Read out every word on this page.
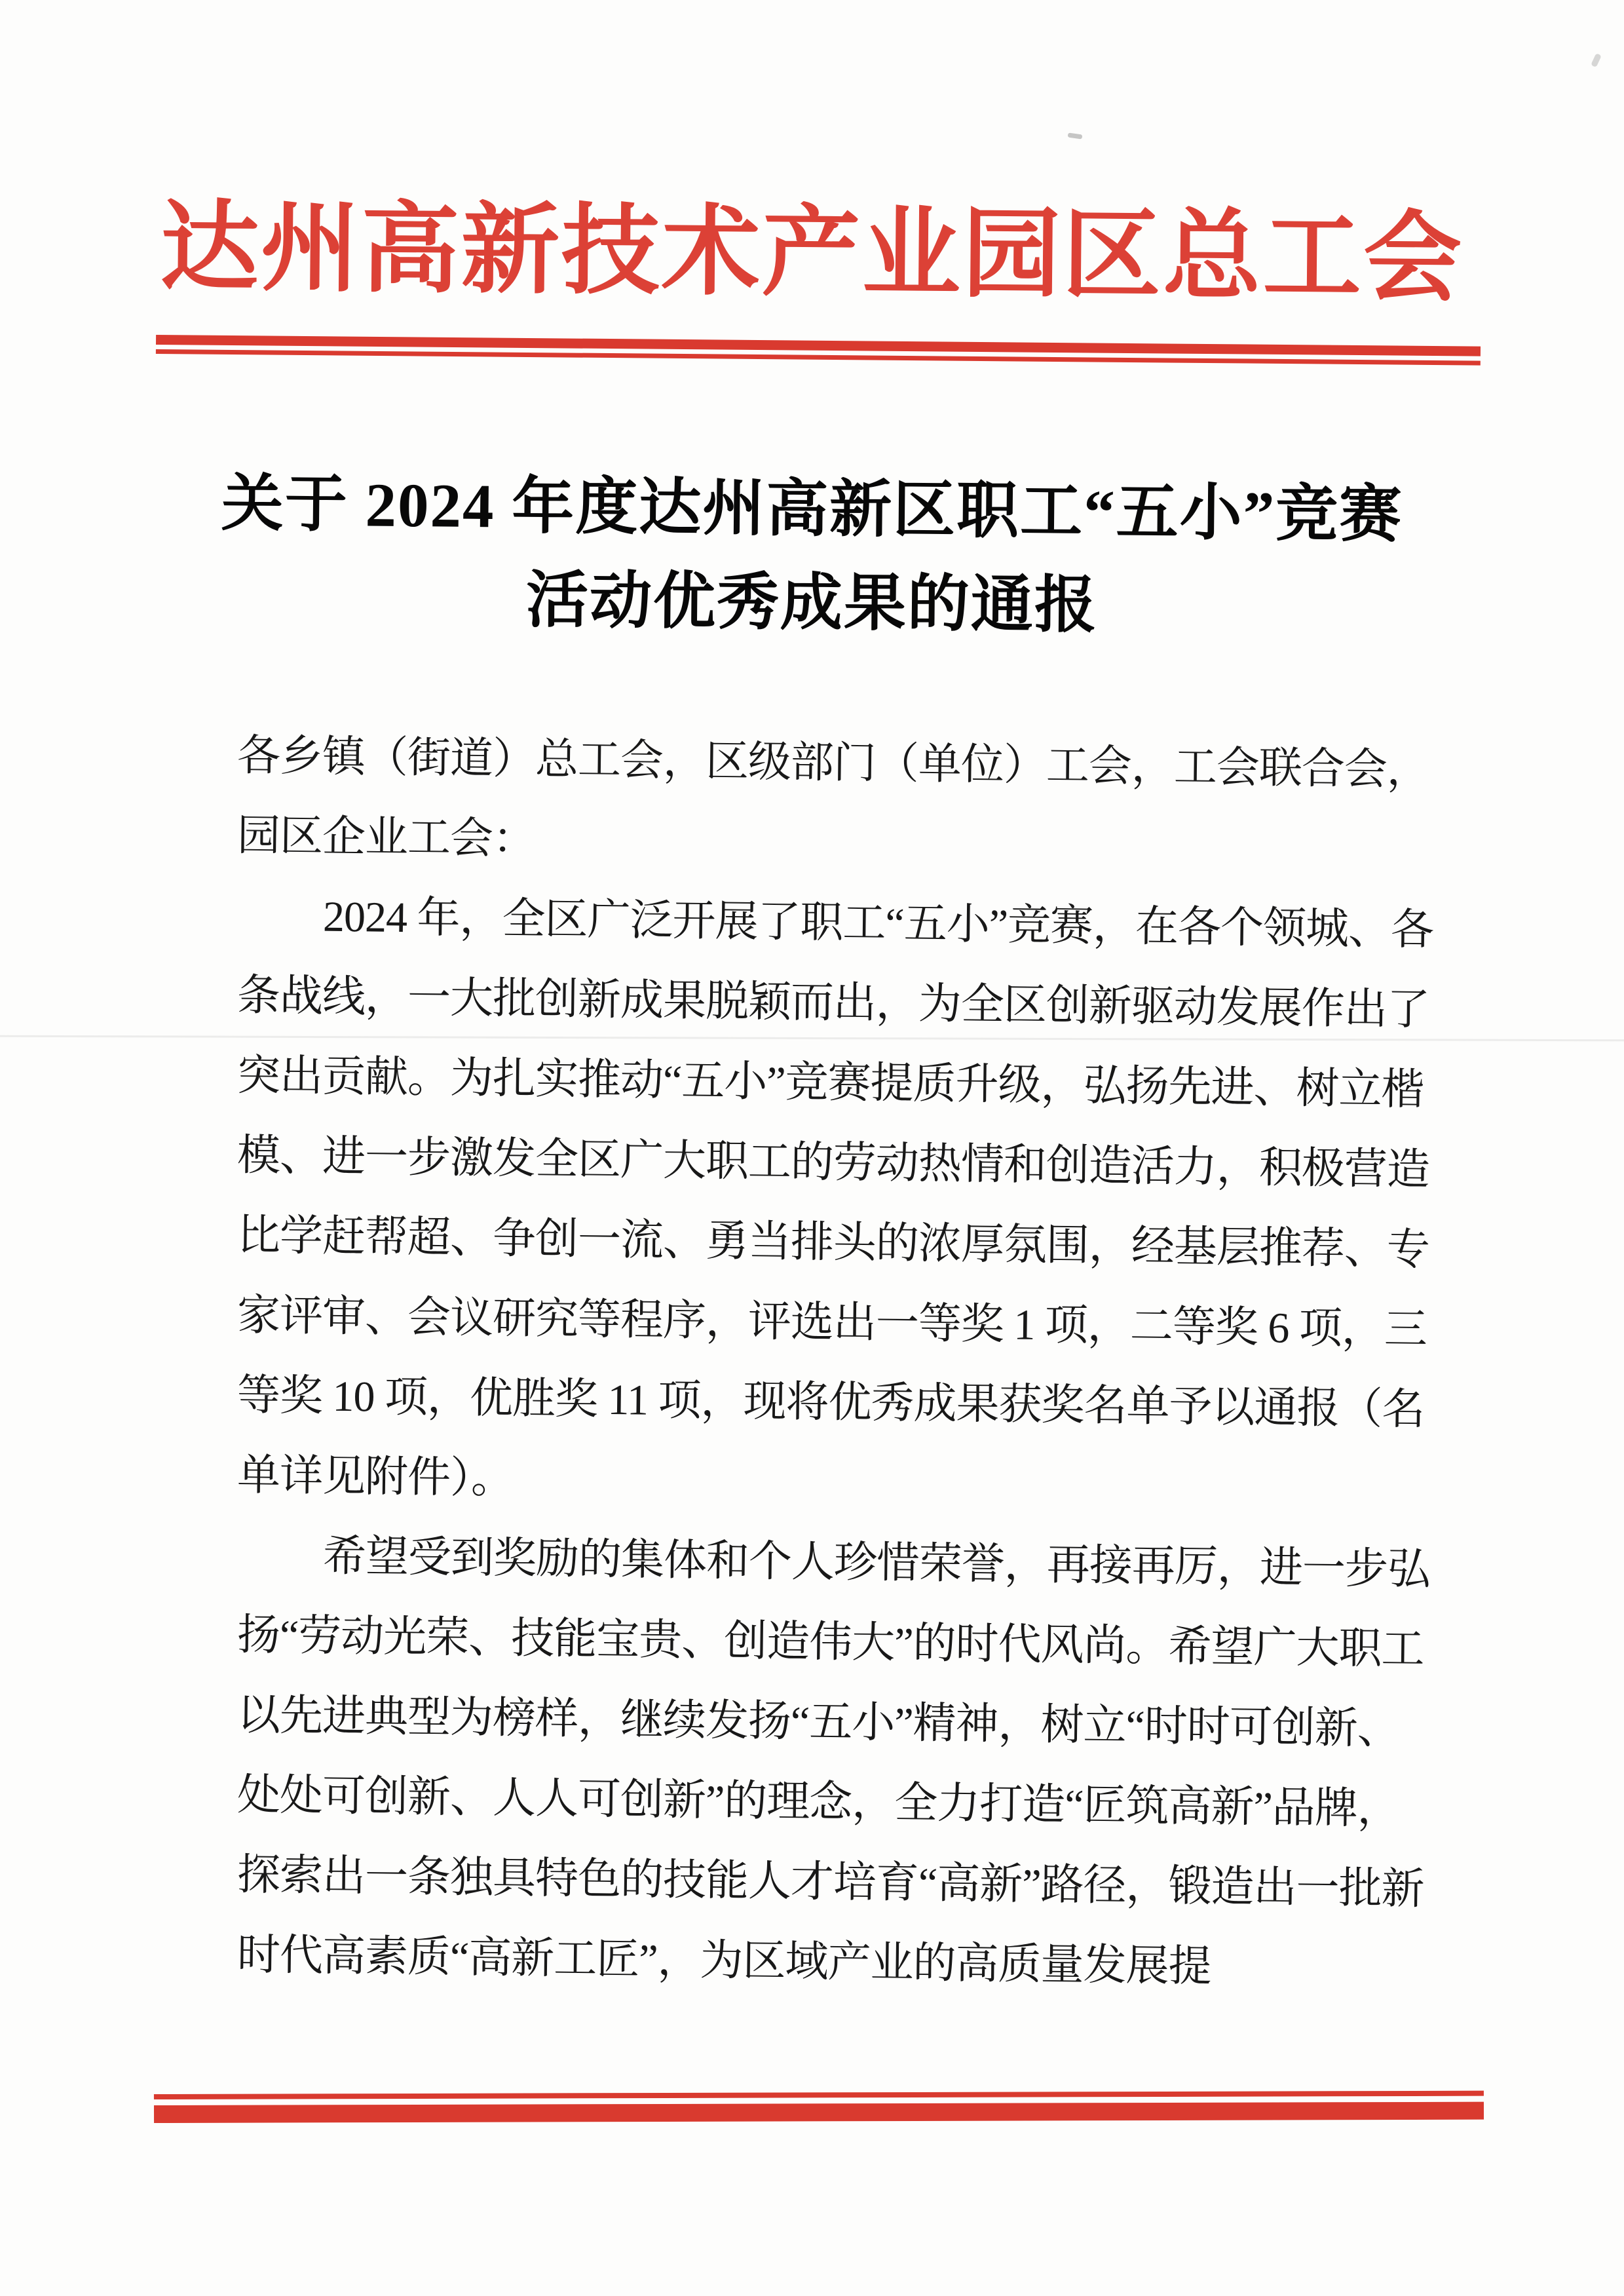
达州高新技术产业园区总工会
关于 2024 年度达州高新区职工“五小”竞赛
活动优秀成果的通报
各乡镇（街道）总工会，区级部门（单位）工会，工会联合会，
园区企业工会：
2024 年，全区广泛开展了职工“五小”竞赛，在各个领城、各
条战线，一大批创新成果脱颖而出，为全区创新驱动发展作出了
突出贡献。为扎实推动“五小”竞赛提质升级，弘扬先进、树立楷
模、进一步激发全区广大职工的劳动热情和创造活力，积极营造
比学赶帮超、争创一流、勇当排头的浓厚氛围，经基层推荐、专
家评审、会议研究等程序，评选出一等奖 1 项，二等奖 6 项，三
等奖 10 项，优胜奖 11 项，现将优秀成果获奖名单予以通报（名
单详见附件）。
希望受到奖励的集体和个人珍惜荣誉，再接再厉，进一步弘
扬“劳动光荣、技能宝贵、创造伟大”的时代风尚。希望广大职工
以先进典型为榜样，继续发扬“五小”精神，树立“时时可创新、
处处可创新、人人可创新”的理念，全力打造“匠筑高新”品牌，
探索出一条独具特色的技能人才培育“高新”路径，锻造出一批新
时代高素质“高新工匠”，为区域产业的高质量发展提
